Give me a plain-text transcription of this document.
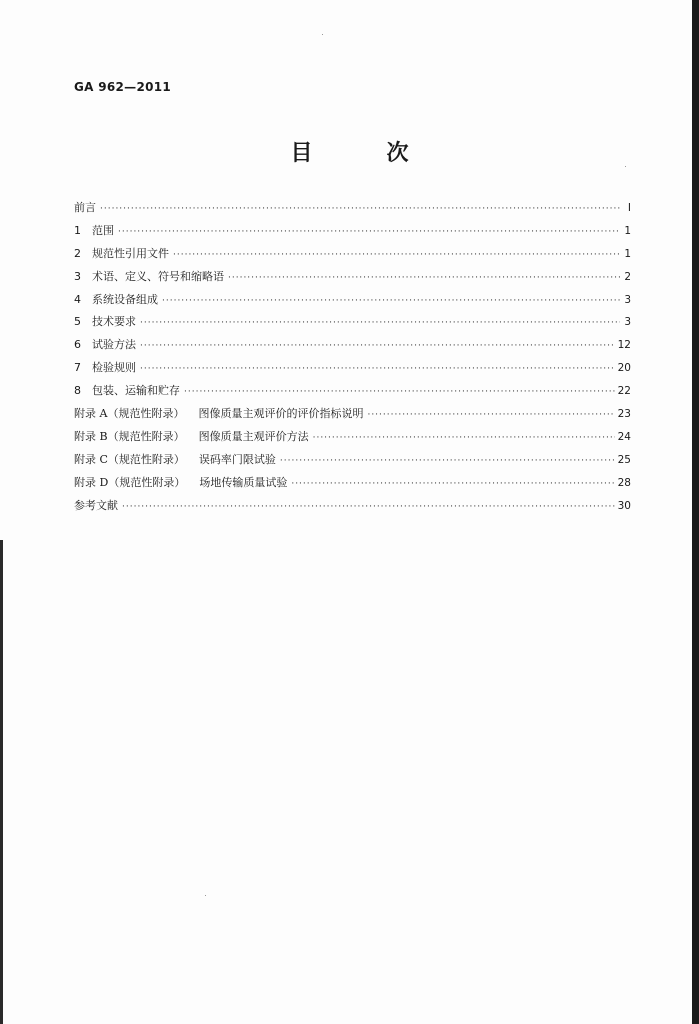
GA 962—2011
目　次
前言 ·····	Ⅰ
1	范围 ·····	1
2	规范性引用文件 ·····	1
3	术语、定义、符号和缩略语 ·····	2
4	系统设备组成 ·····	3
5	技术要求 ·····	3
6	试验方法 ·····	12
7	检验规则 ·····	20
8	包装、运输和贮存 ·····	22
附录 A（规范性附录）	图像质量主观评价的评价指标说明 ·····	23
附录 B（规范性附录）	图像质量主观评价方法 ·····	24
附录 C（规范性附录）	误码率门限试验 ·····	25
附录 D（规范性附录）	场地传输质量试验 ·····	28
参考文献 ·····	30
